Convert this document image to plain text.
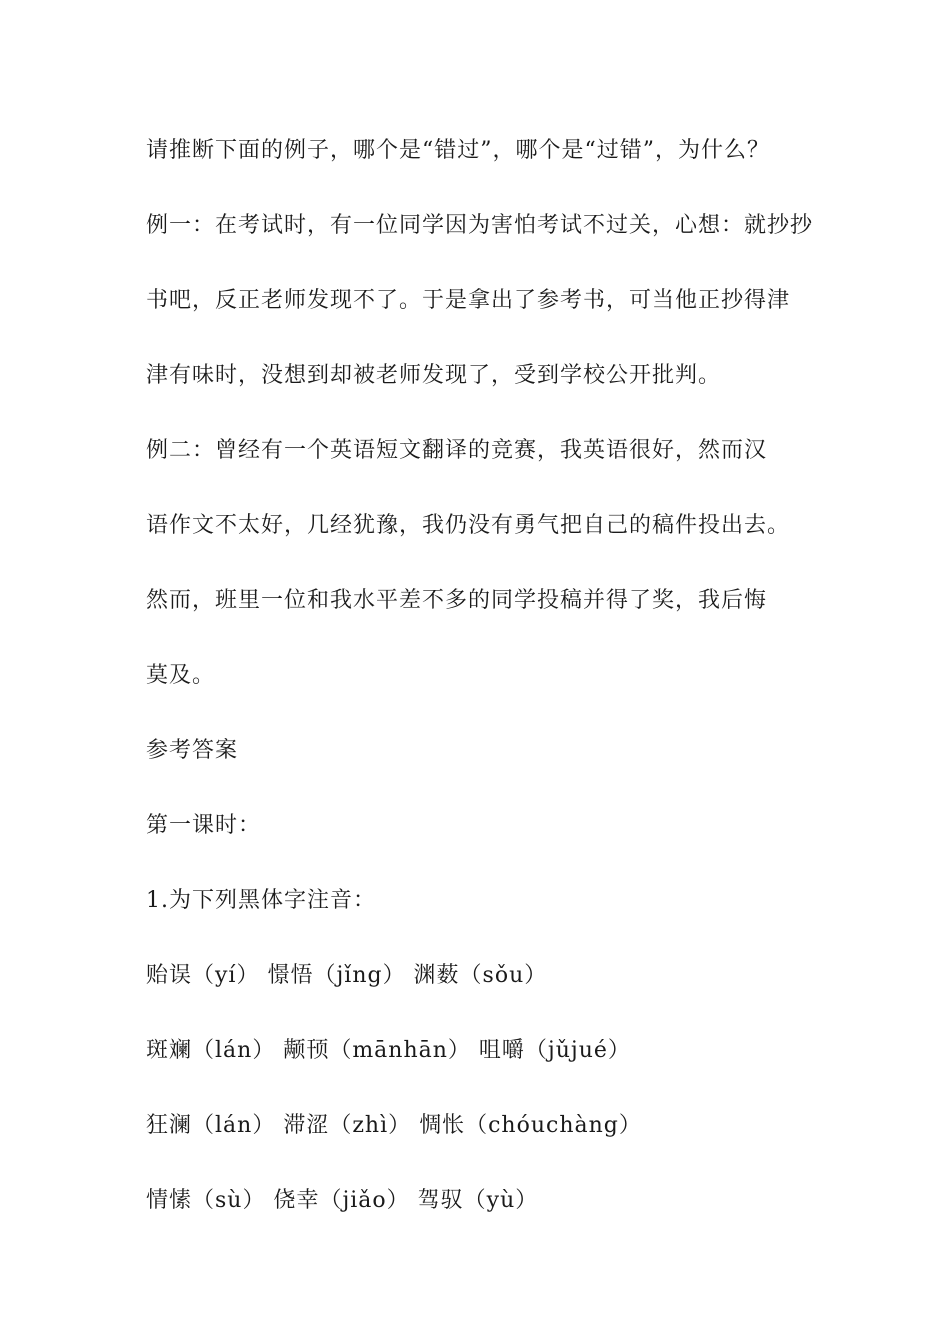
请推断下面的例子，哪个是“错过”，哪个是“过错”，为什么？
例一：在考试时，有一位同学因为害怕考试不过关，心想：就抄抄
书吧，反正老师发现不了。于是拿出了参考书，可当他正抄得津
津有味时，没想到却被老师发现了，受到学校公开批判。
例二：曾经有一个英语短文翻译的竞赛，我英语很好，然而汉
语作文不太好，几经犹豫，我仍没有勇气把自己的稿件投出去。
然而，班里一位和我水平差不多的同学投稿并得了奖，我后悔
莫及。
参考答案
第一课时：
1.为下列黑体字注音：
贻误（yí） 憬悟（jǐng） 渊薮（sǒu）
斑斓（lán） 颟顸（mānhān） 咀嚼（jǔjué）
狂澜（lán） 滞涩（zhì） 惆怅（chóuchàng）
情愫（sù） 侥幸（jiǎo） 驾驭（yù）
